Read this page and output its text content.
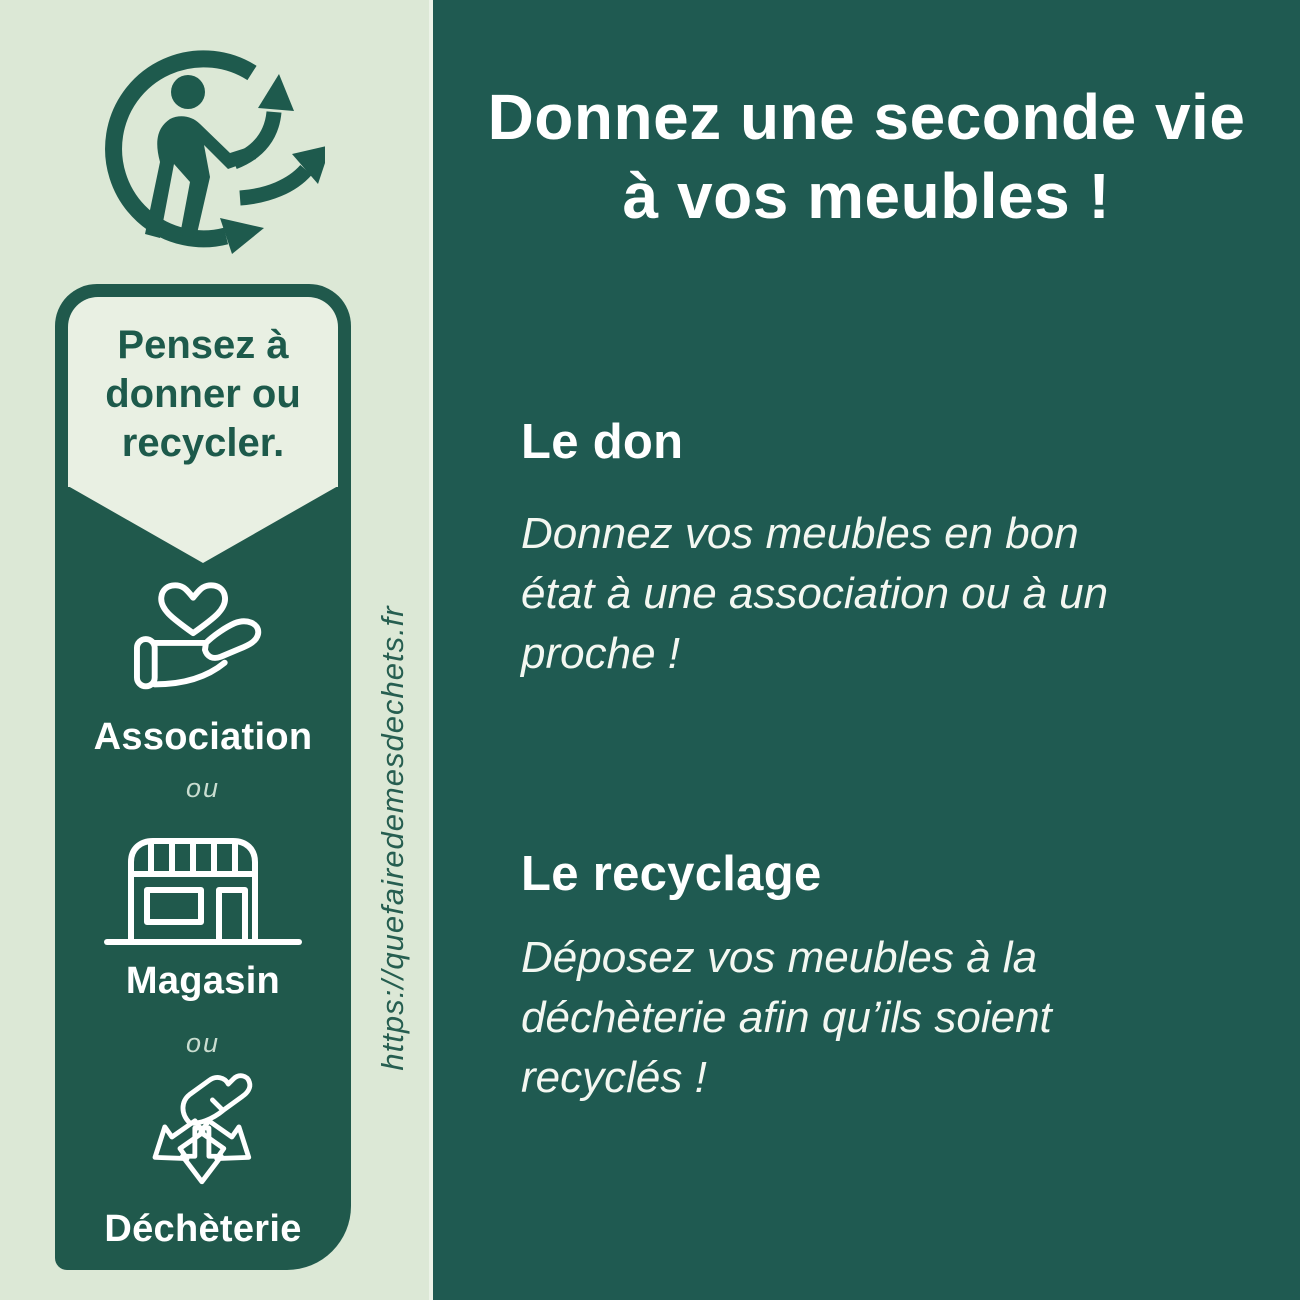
Pensez à
donner ou
recycler.
Association
ou
Magasin
ou
Déchèterie
https://quefairedemesdechets.fr
Donnez une seconde vie
à vos meubles !
Le don

Donnez vos meubles en bon
état à une association ou à un
proche !

Le recyclage

Déposez vos meubles à la
déchèterie afin qu’ils soient
recyclés !
